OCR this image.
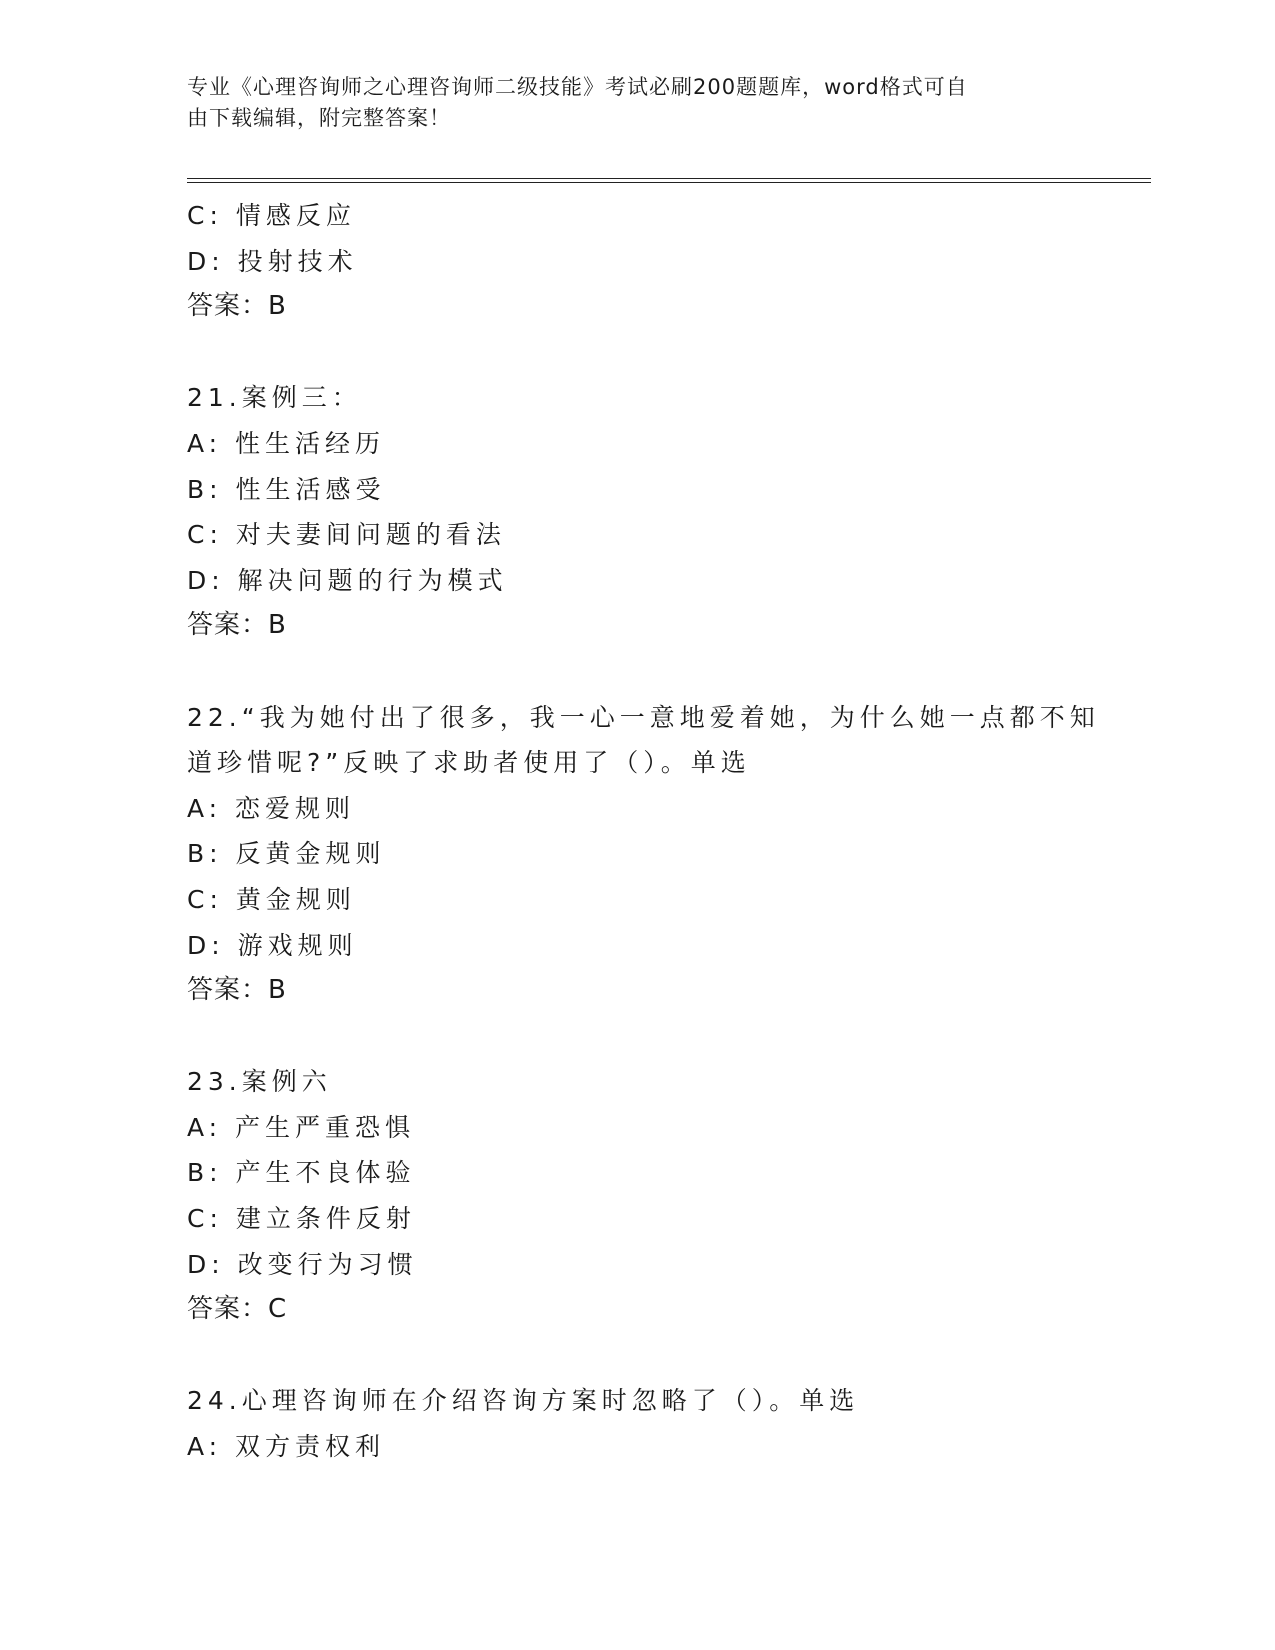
专业《心理咨询师之心理咨询师二级技能》考试必刷200题题库，word格式可自
由下载编辑，附完整答案！
C: 情感反应
D: 投射技术
答案：B
21.案例三：
A: 性生活经历
B: 性生活感受
C: 对夫妻间问题的看法
D: 解决问题的行为模式
答案：B
22.“我为她付出了很多，我一心一意地爱着她，为什么她一点都不知
道珍惜呢?”反映了求助者使用了（）。单选
A: 恋爱规则
B: 反黄金规则
C: 黄金规则
D: 游戏规则
答案：B
23.案例六
A: 产生严重恐惧
B: 产生不良体验
C: 建立条件反射
D: 改变行为习惯
答案：C
24.心理咨询师在介绍咨询方案时忽略了（）。单选
A: 双方责权利
